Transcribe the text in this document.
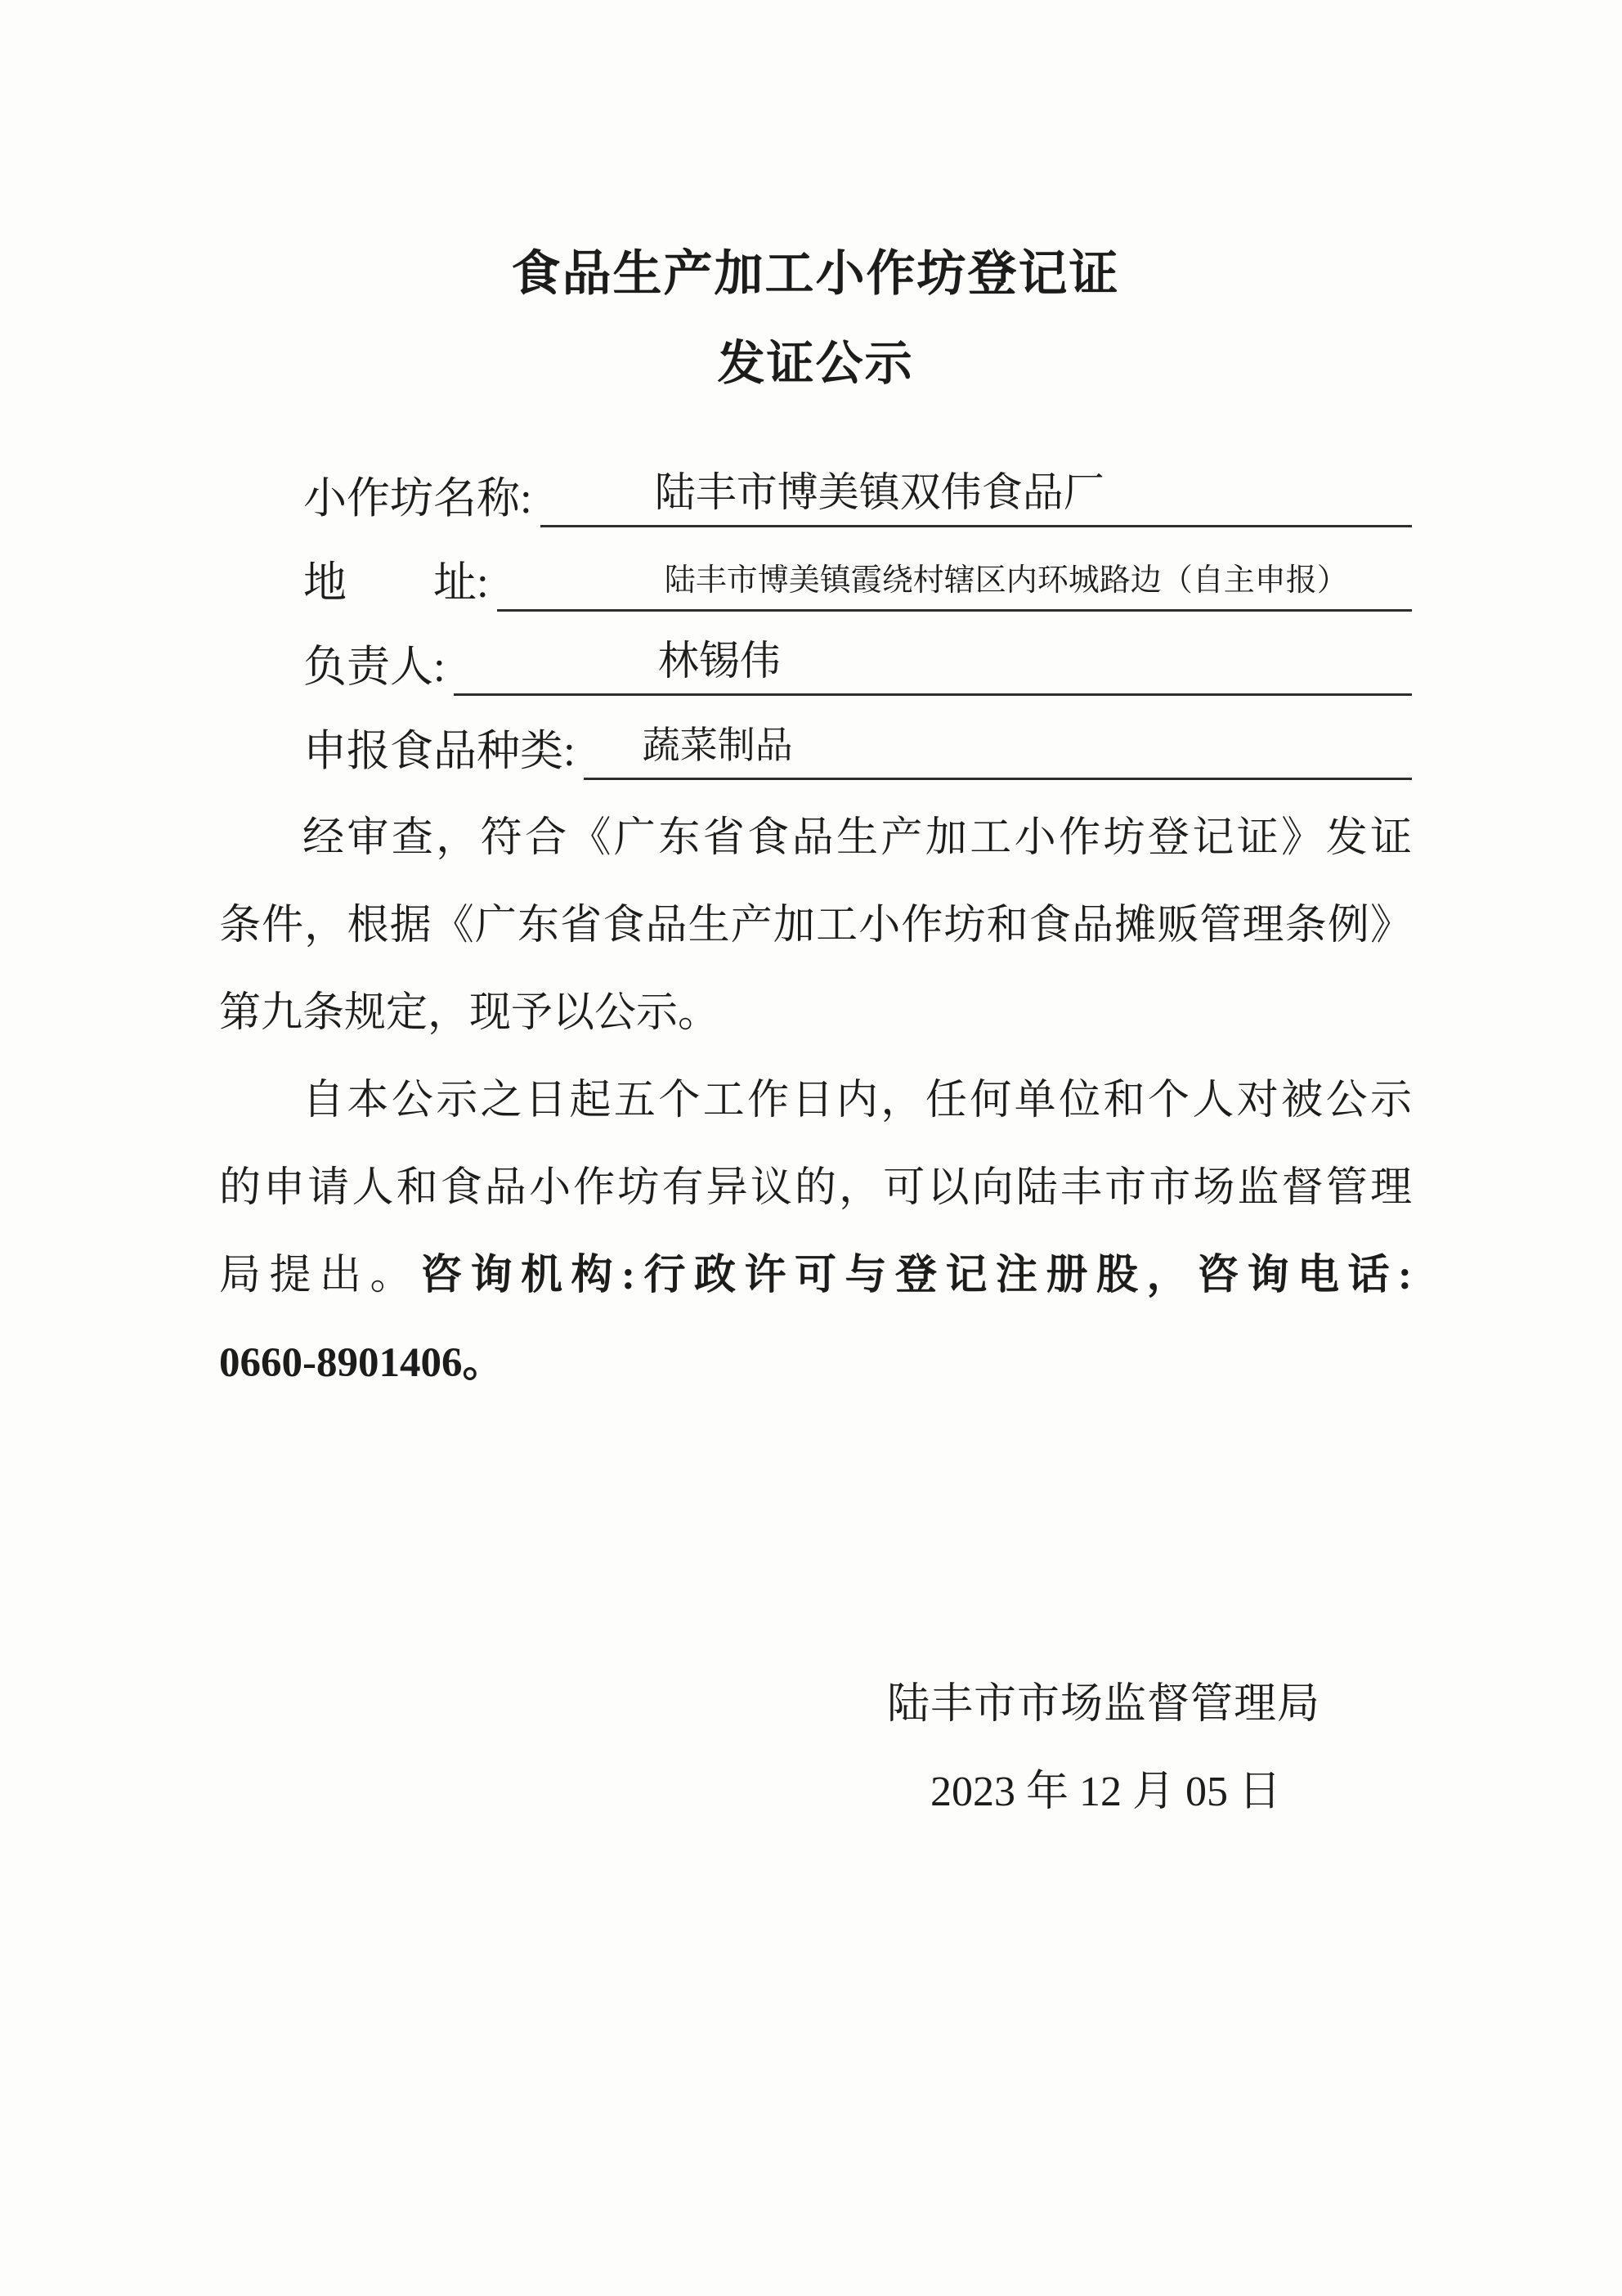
食品生产加工小作坊登记证
发证公示
小作坊名称:	陆丰市博美镇双伟食品厂
地　　址:	陆丰市博美镇霞绕村辖区内环城路边（自主申报）
负责人:	林锡伟
申报食品种类: 蔬菜制品
经审查，符合《广东省食品生产加工小作坊登记证》发证
条件，根据《广东省食品生产加工小作坊和食品摊贩管理条例》
第九条规定，现予以公示。
自本公示之日起五个工作日内，任何单位和个人对被公示
的申请人和食品小作坊有异议的，可以向陆丰市市场监督管理
局提出。咨询机构:行政许可与登记注册股，咨询电话:
0660-8901406。
陆丰市市场监督管理局
2023 年 12 月 05 日
